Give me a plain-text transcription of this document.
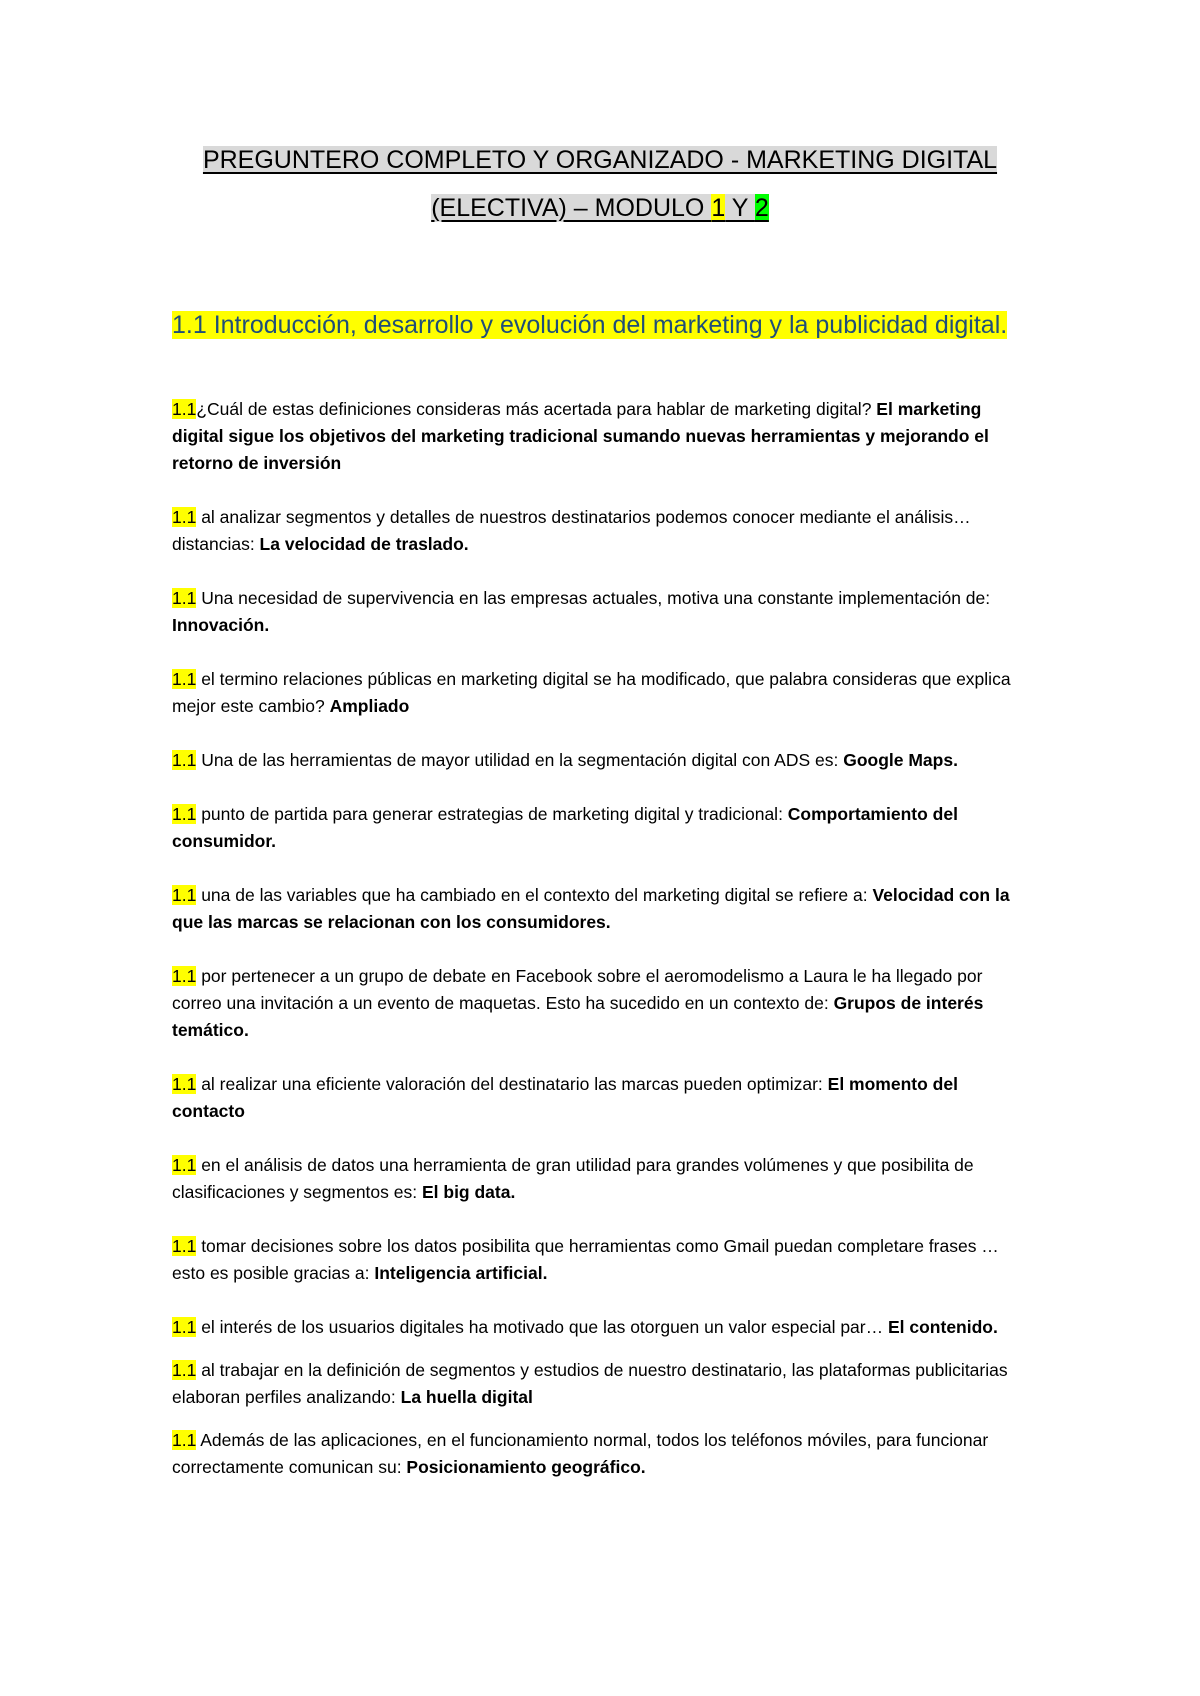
PREGUNTERO COMPLETO Y ORGANIZADO - MARKETING DIGITAL
(ELECTIVA) – MODULO 1 Y 2
1.1 Introducción, desarrollo y evolución del marketing y la publicidad digital.
1.1¿Cuál de estas definiciones consideras más acertada para hablar de marketing digital? El marketing digital sigue los objetivos del marketing tradicional sumando nuevas herramientas y mejorando el retorno de inversión
1.1 al analizar segmentos y detalles de nuestros destinatarios podemos conocer mediante el análisis… distancias: La velocidad de traslado.
1.1 Una necesidad de supervivencia en las empresas actuales, motiva una constante implementación de: Innovación.
1.1 el termino relaciones públicas en marketing digital se ha modificado, que palabra consideras que explica mejor este cambio? Ampliado
1.1 Una de las herramientas de mayor utilidad en la segmentación digital con ADS es: Google Maps.
1.1 punto de partida para generar estrategias de marketing digital y tradicional: Comportamiento del consumidor.
1.1 una de las variables que ha cambiado en el contexto del marketing digital se refiere a: Velocidad con la que las marcas se relacionan con los consumidores.
1.1 por pertenecer a un grupo de debate en Facebook sobre el aeromodelismo a Laura le ha llegado por correo una invitación a un evento de maquetas. Esto ha sucedido en un contexto de: Grupos de interés temático.
1.1 al realizar una eficiente valoración del destinatario las marcas pueden optimizar: El momento del contacto
1.1 en el análisis de datos una herramienta de gran utilidad para grandes volúmenes y que posibilita de clasificaciones y segmentos es: El big data.
1.1 tomar decisiones sobre los datos posibilita que herramientas como Gmail puedan completare frases … esto es posible gracias a: Inteligencia artificial.
1.1 el interés de los usuarios digitales ha motivado que las otorguen un valor especial par… El contenido.
1.1 al trabajar en la definición de segmentos y estudios de nuestro destinatario, las plataformas publicitarias elaboran perfiles analizando: La huella digital
1.1 Además de las aplicaciones, en el funcionamiento normal, todos los teléfonos móviles, para funcionar correctamente comunican su: Posicionamiento geográfico.
